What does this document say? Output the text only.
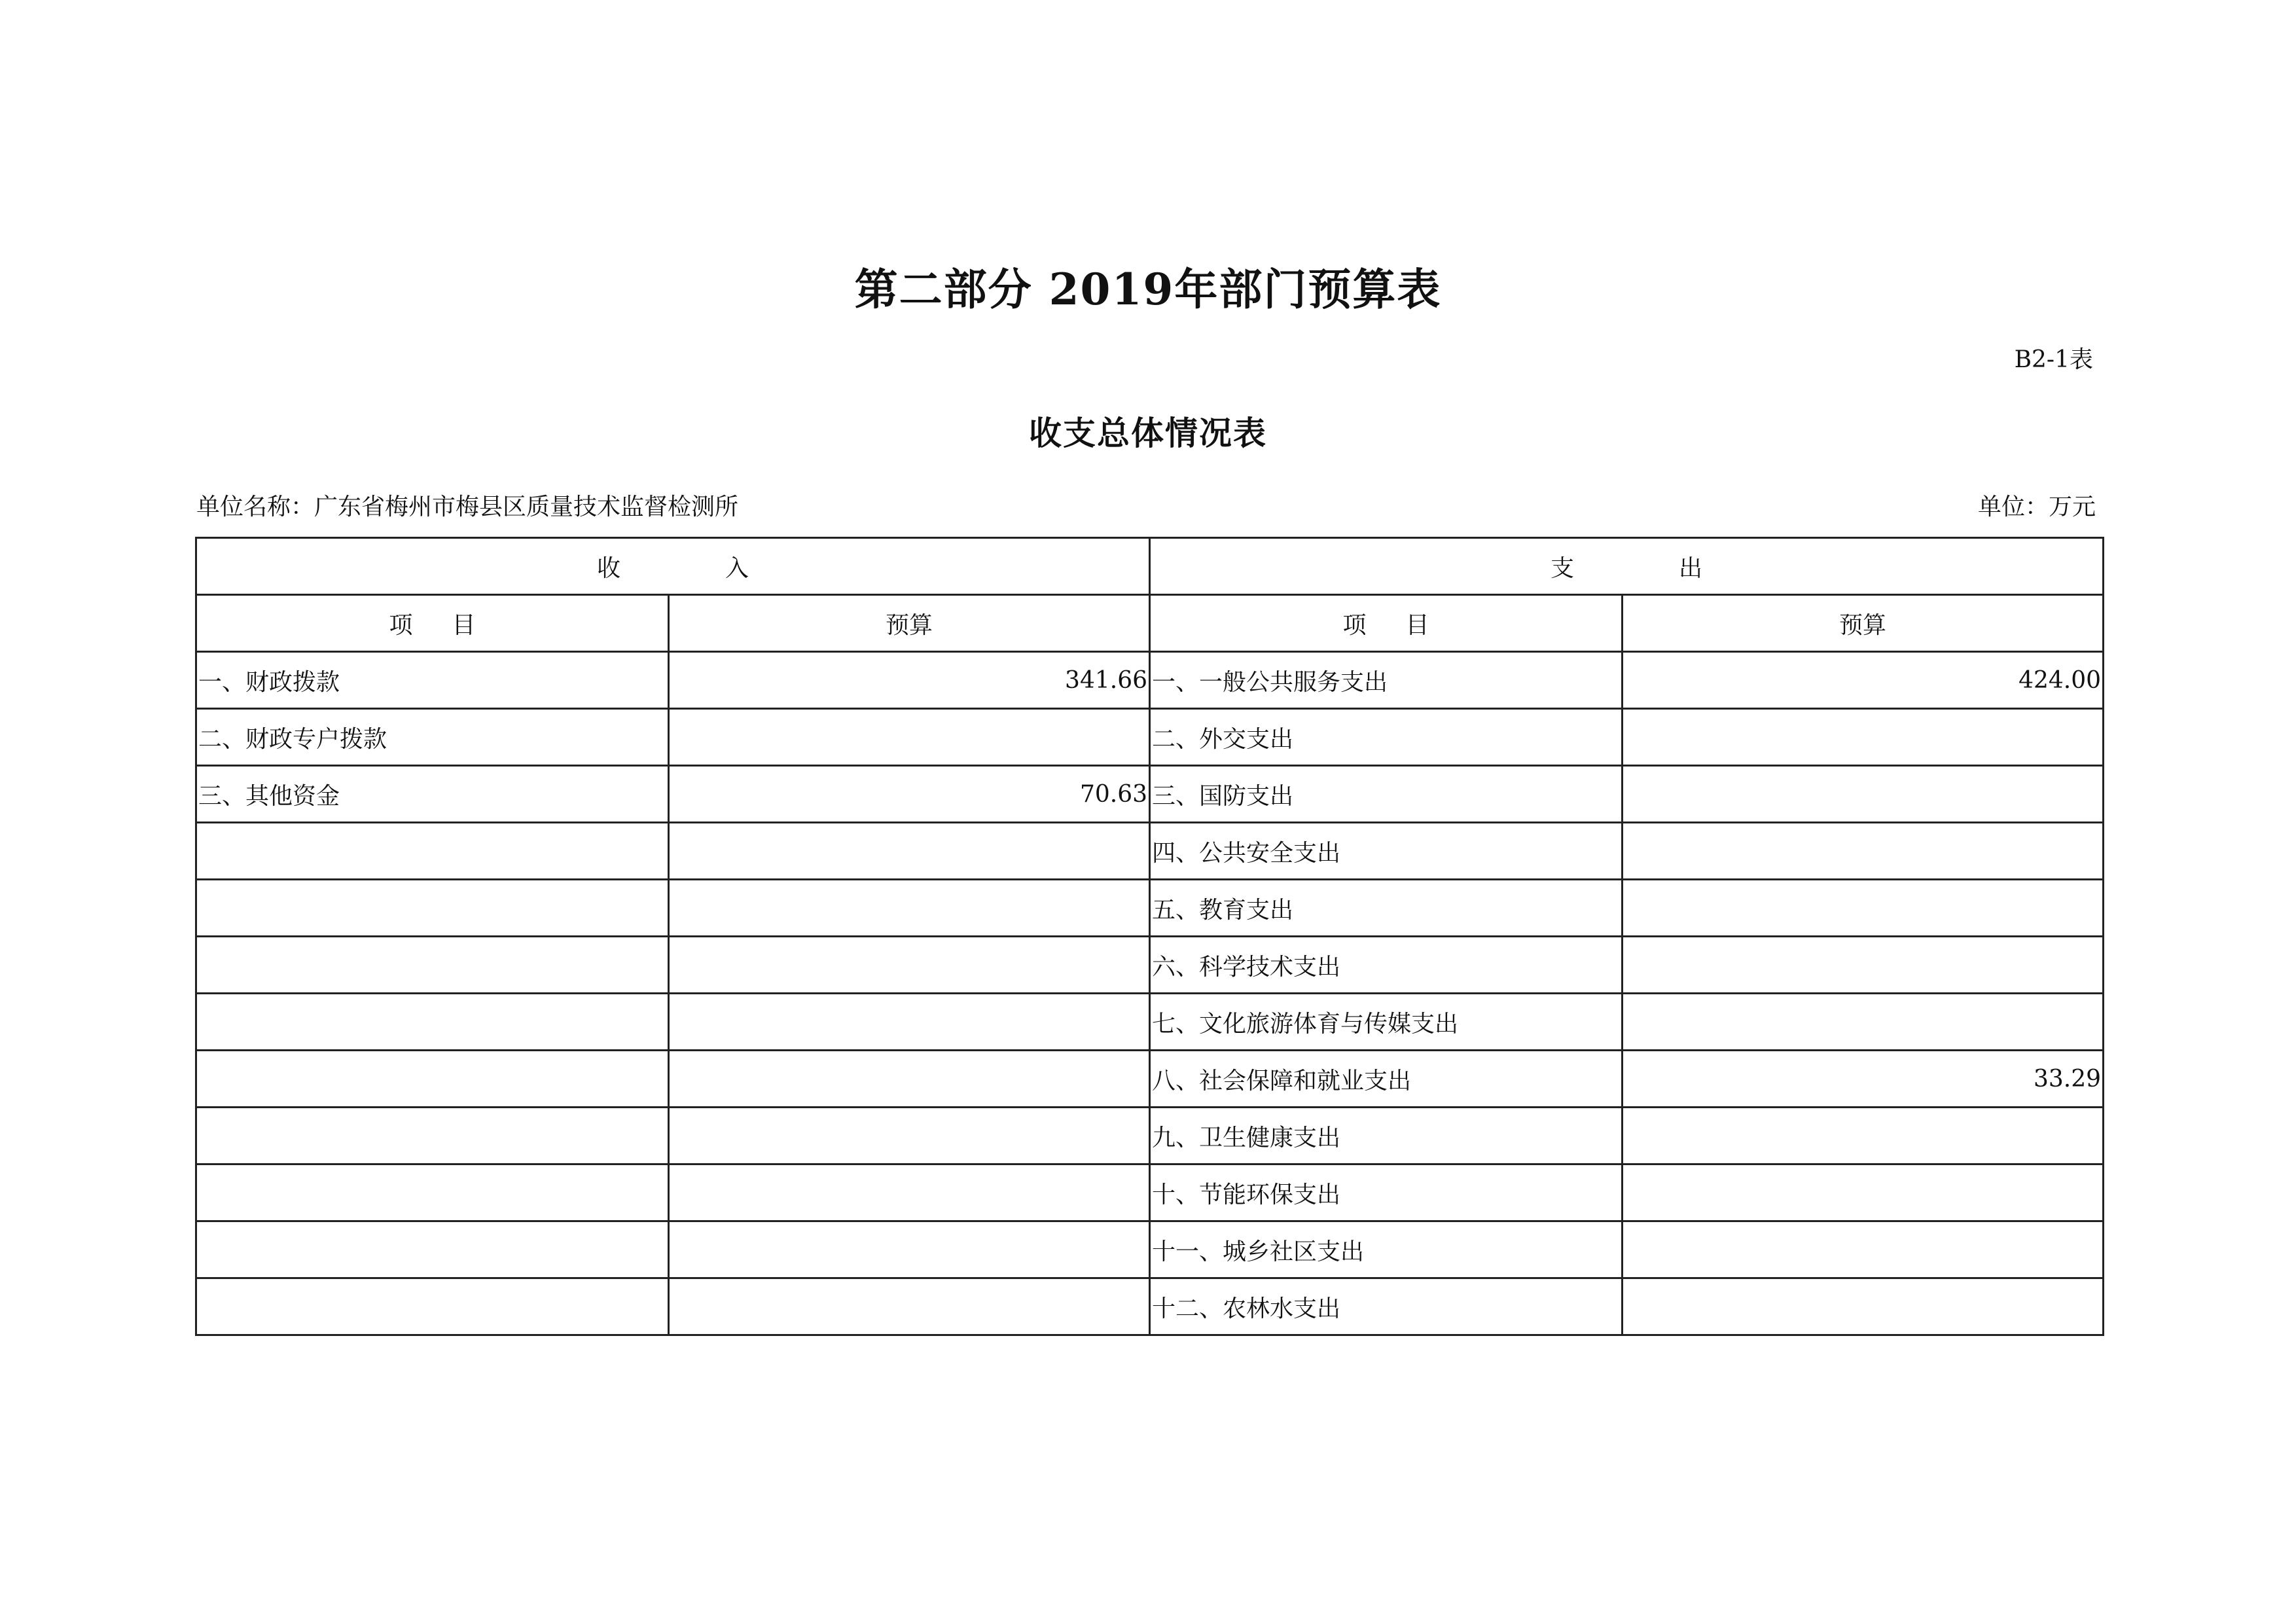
第二部分 2019年部门预算表
B2-1表
收支总体情况表
单位名称：广东省梅州市梅县区质量技术监督检测所	单位：万元
收入		支出	
项目	预算	项目	预算
一、财政拨款	341.66	一、一般公共服务支出	424.00
二、财政专户拨款		二、外交支出	
三、其他资金	70.63	三、国防支出	
		四、公共安全支出	
		五、教育支出	
		六、科学技术支出	
		七、文化旅游体育与传媒支出	
		八、社会保障和就业支出	33.29
		九、卫生健康支出	
		十、节能环保支出	
		十一、城乡社区支出	
		十二、农林水支出	
